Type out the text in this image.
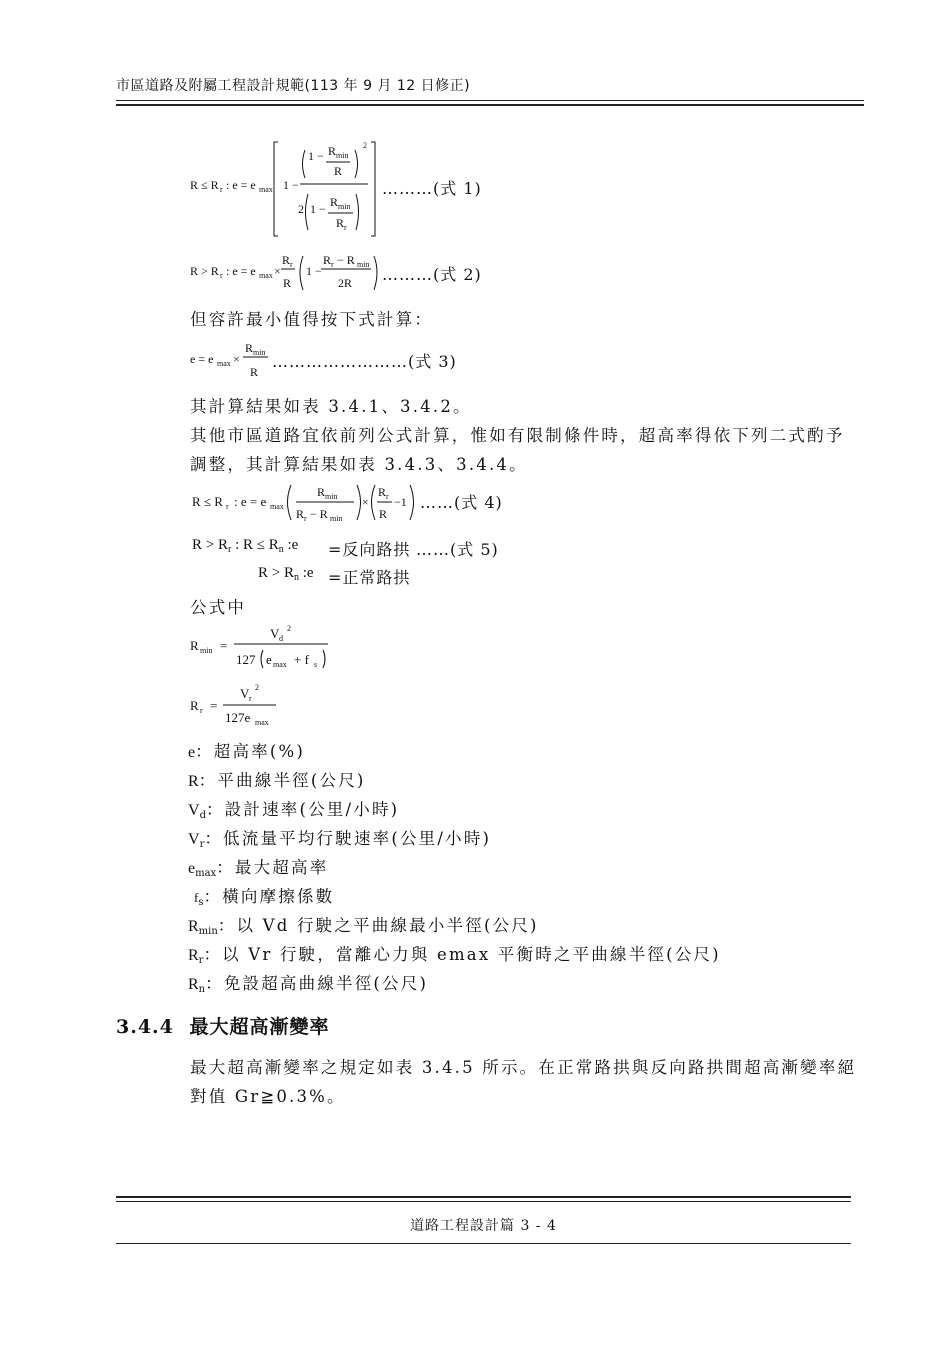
市區道路及附屬工程設計規範(113 年 9 月 12 日修正)
R ≤ R r : e = e max 1 −
1 − R min
R
2
2 1 − R min
R r
………(式 1)
R > R r : e = e max ×
R r
R
1 −
R r − R min
2R ………(式 2)
但容許最小值得按下式計算：
e = e max ×
R min
R
……………………(式 3)
其計算結果如表 3.4.1、3.4.2。
其他市區道路宜依前列公式計算，惟如有限制條件時，超高率得依下列二式酌予
調整，其計算結果如表 3.4.3、3.4.4。
R ≤ R r : e = e max
R min
R r − R min
×
R r
R
−1 ……(式 4)
$R > R_r$ : $R \le R_n$ :e =反向路拱 ……(式 5)
$R > R_n$ :e =正常路拱
公式中
R min =
V d
2
127 e max + f s
R r =
V r
2
127e max
e：超高率(%)
R：平曲線半徑(公尺)
$V_d$：設計速率(公里/小時)
$V_r$：低流量平均行駛速率(公里/小時)
$e_{max}$：最大超高率
$f_s$：橫向摩擦係數
$R_{min}$：以 Vd 行駛之平曲線最小半徑(公尺)
$R_r$：以 Vr 行駛，當離心力與 emax 平衡時之平曲線半徑(公尺)
$R_n$：免設超高曲線半徑(公尺)
3.4.4 最大超高漸變率
最大超高漸變率之規定如表 3.4.5 所示。在正常路拱與反向路拱間超高漸變率絕
對值 Gr≧0.3%。
道路工程設計篇 3 - 4
